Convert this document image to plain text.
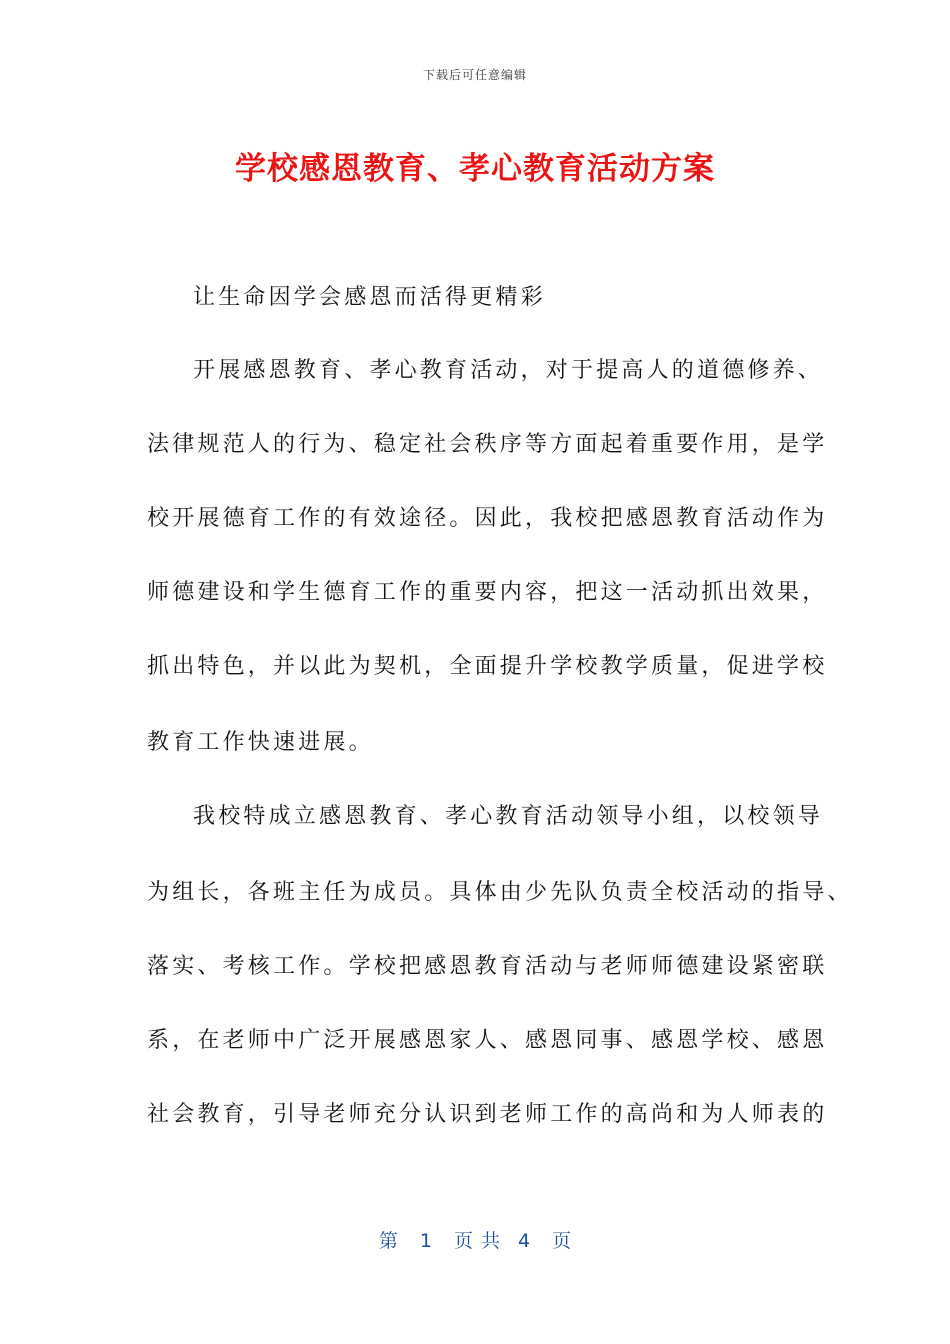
下载后可任意编辑
学校感恩教育、孝心教育活动方案
让生命因学会感恩而活得更精彩
开展感恩教育、孝心教育活动，对于提高人的道德修养、
法律规范人的行为、稳定社会秩序等方面起着重要作用，是学
校开展德育工作的有效途径。因此，我校把感恩教育活动作为
师德建设和学生德育工作的重要内容，把这一活动抓出效果，
抓出特色，并以此为契机，全面提升学校教学质量，促进学校
教育工作快速进展。
我校特成立感恩教育、孝心教育活动领导小组，以校领导
为组长，各班主任为成员。具体由少先队负责全校活动的指导、
落实、考核工作。学校把感恩教育活动与老师师德建设紧密联
系，在老师中广泛开展感恩家人、感恩同事、感恩学校、感恩
社会教育，引导老师充分认识到老师工作的高尚和为人师表的
第 1 页共 4 页
